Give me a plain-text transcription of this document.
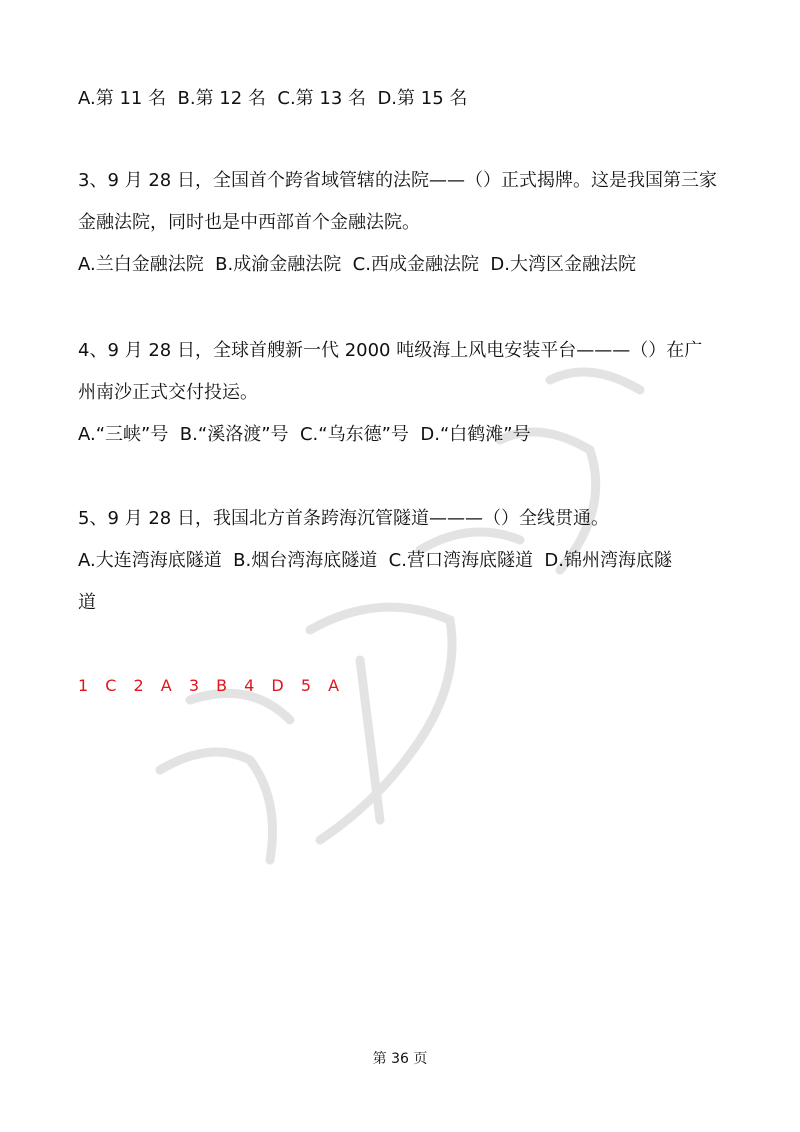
A.第 11 名  B.第 12 名  C.第 13 名  D.第 15 名
3、9 月 28 日，全国首个跨省域管辖的法院——（）正式揭牌。这是我国第三家
金融法院，同时也是中西部首个金融法院。
A.兰白金融法院  B.成渝金融法院  C.西成金融法院  D.大湾区金融法院
4、9 月 28 日，全球首艘新一代 2000 吨级海上风电安装平台———（）在广
州南沙正式交付投运。
A.“三峡”号  B.“溪洛渡”号  C.“乌东德”号  D.“白鹤滩”号
5、9 月 28 日，我国北方首条跨海沉管隧道———（）全线贯通。
A.大连湾海底隧道  B.烟台湾海底隧道  C.营口湾海底隧道  D.锦州湾海底隧
道
1 C 2 A 3 B 4 D 5 A
第 36 页
